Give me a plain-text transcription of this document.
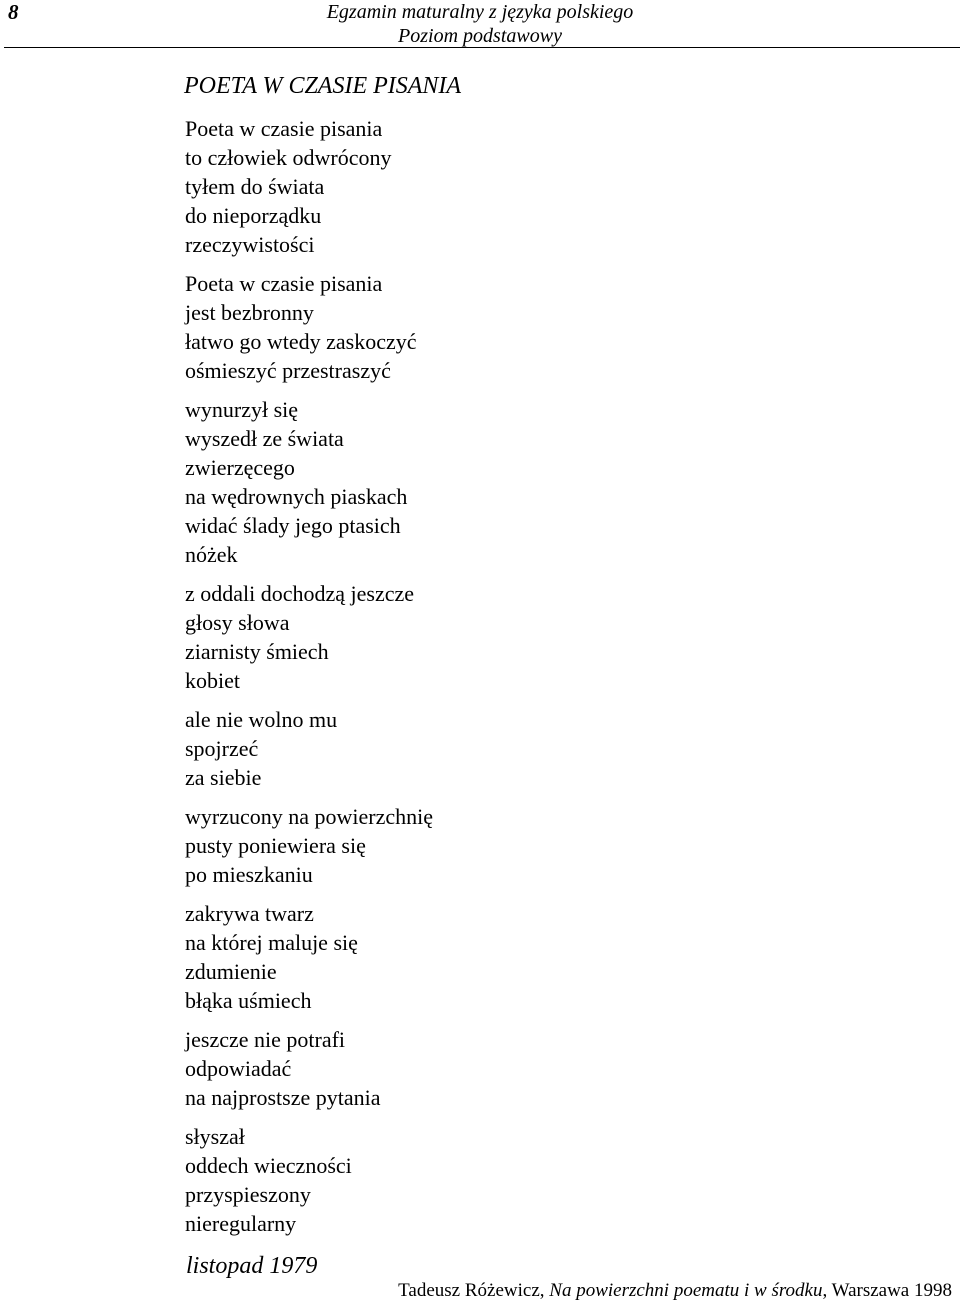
8	Egzamin maturalny z języka polskiego
Poziom podstawowy
POETA W CZASIE PISANIA
Poeta w czasie pisania
to człowiek odwrócony
tyłem do świata
do nieporządku
rzeczywistości
Poeta w czasie pisania
jest bezbronny
łatwo go wtedy zaskoczyć
ośmieszyć przestraszyć
wynurzył się
wyszedł ze świata
zwierzęcego
na wędrownych piaskach
widać ślady jego ptasich
nóżek
z oddali dochodzą jeszcze
głosy słowa
ziarnisty śmiech
kobiet
ale nie wolno mu
spojrzeć
za siebie
wyrzucony na powierzchnię
pusty poniewiera się
po mieszkaniu
zakrywa twarz
na której maluje się
zdumienie
błąka uśmiech
jeszcze nie potrafi
odpowiadać
na najprostsze pytania
słyszał
oddech wieczności
przyspieszony
nieregularny
listopad 1979
Tadeusz Różewicz, Na powierzchni poematu i w środku, Warszawa 1998
